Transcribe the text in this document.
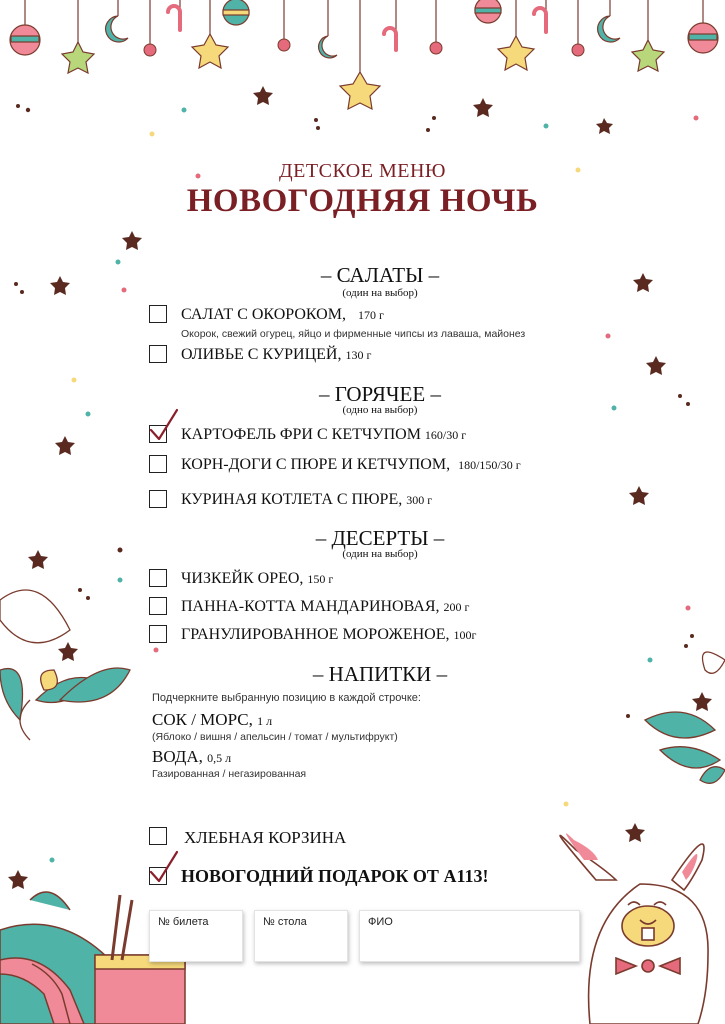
ДЕТСКОЕ МЕНЮ
НОВОГОДНЯЯ НОЧЬ
– САЛАТЫ –
(один на выбор)
САЛАТ С ОКОРОКОМ, 170 г
Окорок, свежий огурец, яйцо и фирменные чипсы из лаваша, майонез
ОЛИВЬЕ С КУРИЦЕЙ, 130 г
– ГОРЯЧЕЕ –
(одно на выбор)
КАРТОФЕЛЬ ФРИ С КЕТЧУПОМ 160/30 г
КОРН-ДОГИ С ПЮРЕ И КЕТЧУПОМ, 180/150/30 г
КУРИНАЯ КОТЛЕТА С ПЮРЕ, 300 г
– ДЕСЕРТЫ –
(один на выбор)
ЧИЗКЕЙК ОРЕО, 150 г
ПАННА-КОТТА МАНДАРИНОВАЯ, 200 г
ГРАНУЛИРОВАННОЕ МОРОЖЕНОЕ, 100г
– НАПИТКИ –
Подчеркните выбранную позицию в каждой строчке:
СОК / МОРС, 1 л
(Яблоко / вишня / апельсин / томат / мультифрукт)
ВОДА, 0,5 л
Газированная / негазированная
ХЛЕБНАЯ КОРЗИНА
НОВОГОДНИЙ ПОДАРОК ОТ А113!
№ билета	№ стола	ФИО
